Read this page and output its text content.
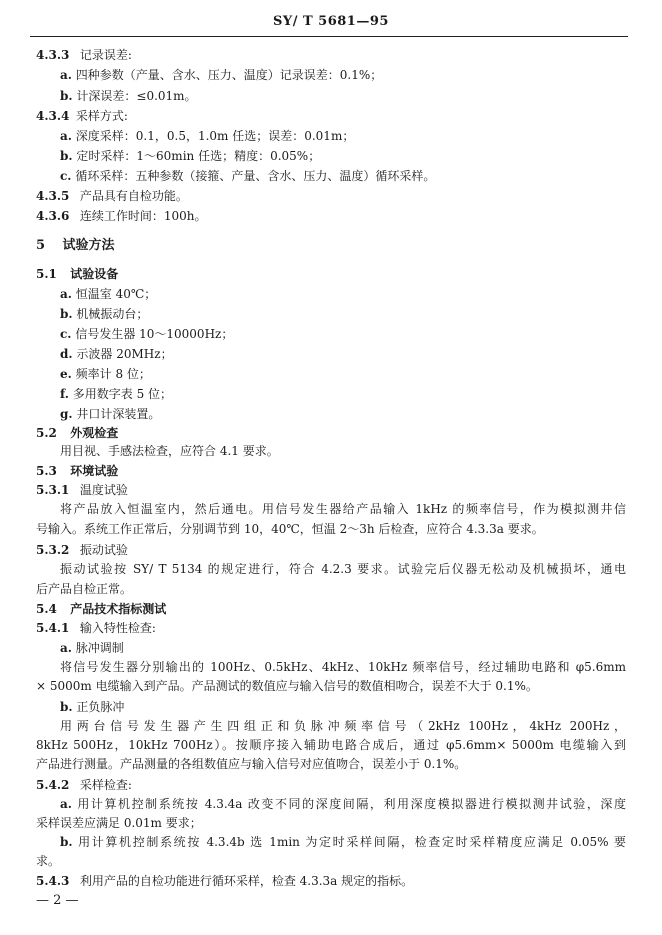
SY/ T 5681—95
4.3.3 记录误差:
a. 四种参数（产量、含水、压力、温度）记录误差：0.1%；
b. 计深误差：≤0.01m。
4.3.4 采样方式:
a. 深度采样：0.1，0.5，1.0m 任选；误差：0.01m；
b. 定时采样：1～60min 任选；精度：0.05%；
c. 循环采样：五种参数（接箍、产量、含水、压力、温度）循环采样。
4.3.5 产品具有自检功能。
4.3.6 连续工作时间：100h。
5 试验方法
5.1 试验设备
a. 恒温室 40℃；
b. 机械振动台；
c. 信号发生器 10～10000Hz；
d. 示波器 20MHz；
e. 频率计 8 位；
f. 多用数字表 5 位；
g. 井口计深装置。
5.2 外观检查
用目视、手感法检查，应符合 4.1 要求。
5.3 环境试验
5.3.1 温度试验
将产品放入恒温室内，然后通电。用信号发生器给产品输入 1kHz 的频率信号，作为模拟测井信
号输入。系统工作正常后，分别调节到 10，40℃，恒温 2～3h 后检查，应符合 4.3.3a 要求。
5.3.2 振动试验
振动试验按 SY/ T 5134 的规定进行，符合 4.2.3 要求。试验完后仪器无松动及机械损坏，通电
后产品自检正常。
5.4 产品技术指标测试
5.4.1 输入特性检查:
a. 脉冲调制
将信号发生器分别输出的 100Hz、0.5kHz、4kHz、10kHz 频率信号，经过辅助电路和 φ5.6mm
× 5000m 电缆输入到产品。产品测试的数值应与输入信号的数值相吻合，误差不大于 0.1%。
b. 正负脉冲
用两台信号发生器产生四组正和负脉冲频率信号（2kHz 100Hz，4kHz 200Hz，
8kHz 500Hz，10kHz 700Hz）。按顺序接入辅助电路合成后，通过 φ5.6mm× 5000m 电缆输入到
产品进行测量。产品测量的各组数值应与输入信号对应值吻合，误差小于 0.1%。
5.4.2 采样检查:
a. 用计算机控制系统按 4.3.4a 改变不同的深度间隔，利用深度模拟器进行模拟测井试验，深度
采样误差应满足 0.01m 要求；
b. 用计算机控制系统按 4.3.4b 选 1min 为定时采样间隔，检查定时采样精度应满足 0.05% 要
求。
5.4.3 利用产品的自检功能进行循环采样，检查 4.3.3a 规定的指标。
— 2 —
